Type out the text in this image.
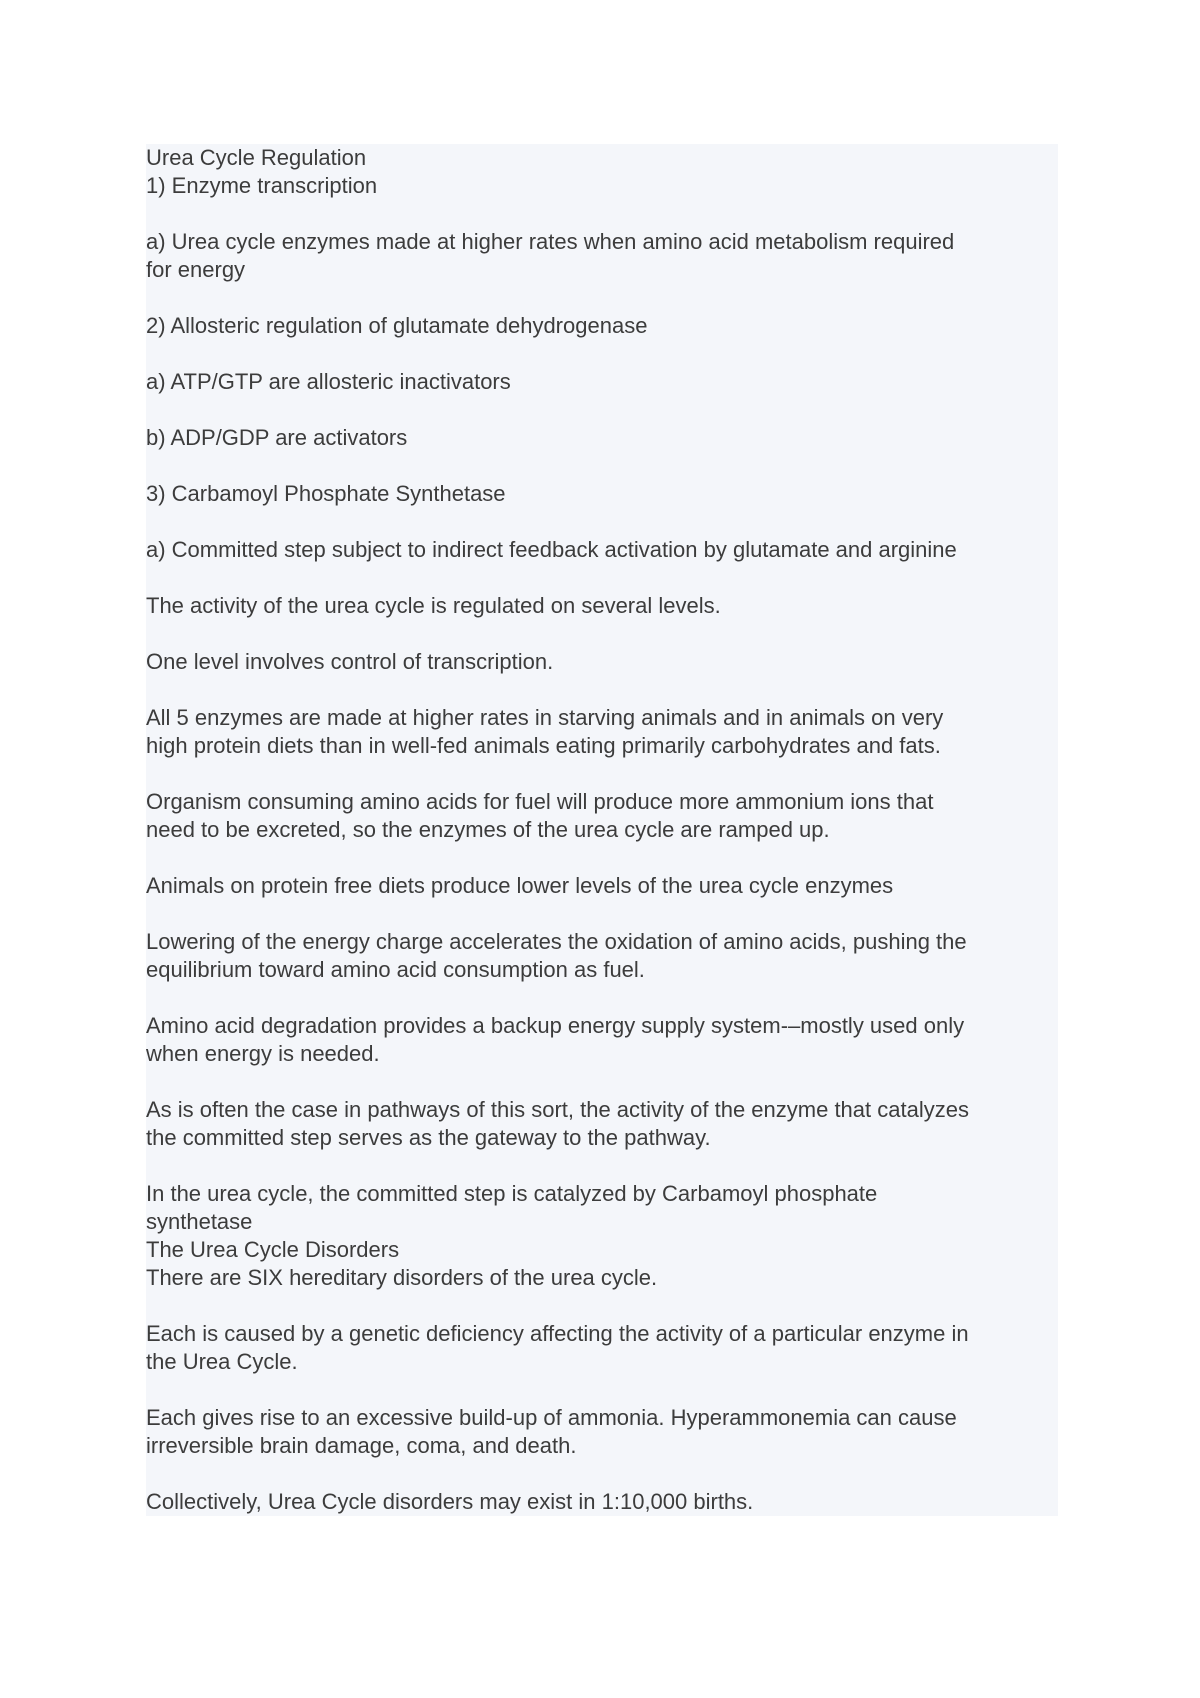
Urea Cycle Regulation
1) Enzyme transcription
a) Urea cycle enzymes made at higher rates when amino acid metabolism required
for energy
2) Allosteric regulation of glutamate dehydrogenase
a) ATP/GTP are allosteric inactivators
b) ADP/GDP are activators
3) Carbamoyl Phosphate Synthetase
a) Committed step subject to indirect feedback activation by glutamate and arginine
The activity of the urea cycle is regulated on several levels.
One level involves control of transcription.
All 5 enzymes are made at higher rates in starving animals and in animals on very
high protein diets than in well-fed animals eating primarily carbohydrates and fats.
Organism consuming amino acids for fuel will produce more ammonium ions that
need to be excreted, so the enzymes of the urea cycle are ramped up.
Animals on protein free diets produce lower levels of the urea cycle enzymes
Lowering of the energy charge accelerates the oxidation of amino acids, pushing the
equilibrium toward amino acid consumption as fuel.
Amino acid degradation provides a backup energy supply system-–mostly used only
when energy is needed.
As is often the case in pathways of this sort, the activity of the enzyme that catalyzes
the committed step serves as the gateway to the pathway.
In the urea cycle, the committed step is catalyzed by Carbamoyl phosphate
synthetase
The Urea Cycle Disorders
There are SIX hereditary disorders of the urea cycle.
Each is caused by a genetic deficiency affecting the activity of a particular enzyme in
the Urea Cycle.
Each gives rise to an excessive build-up of ammonia. Hyperammonemia can cause
irreversible brain damage, coma, and death.
Collectively, Urea Cycle disorders may exist in 1:10,000 births.
